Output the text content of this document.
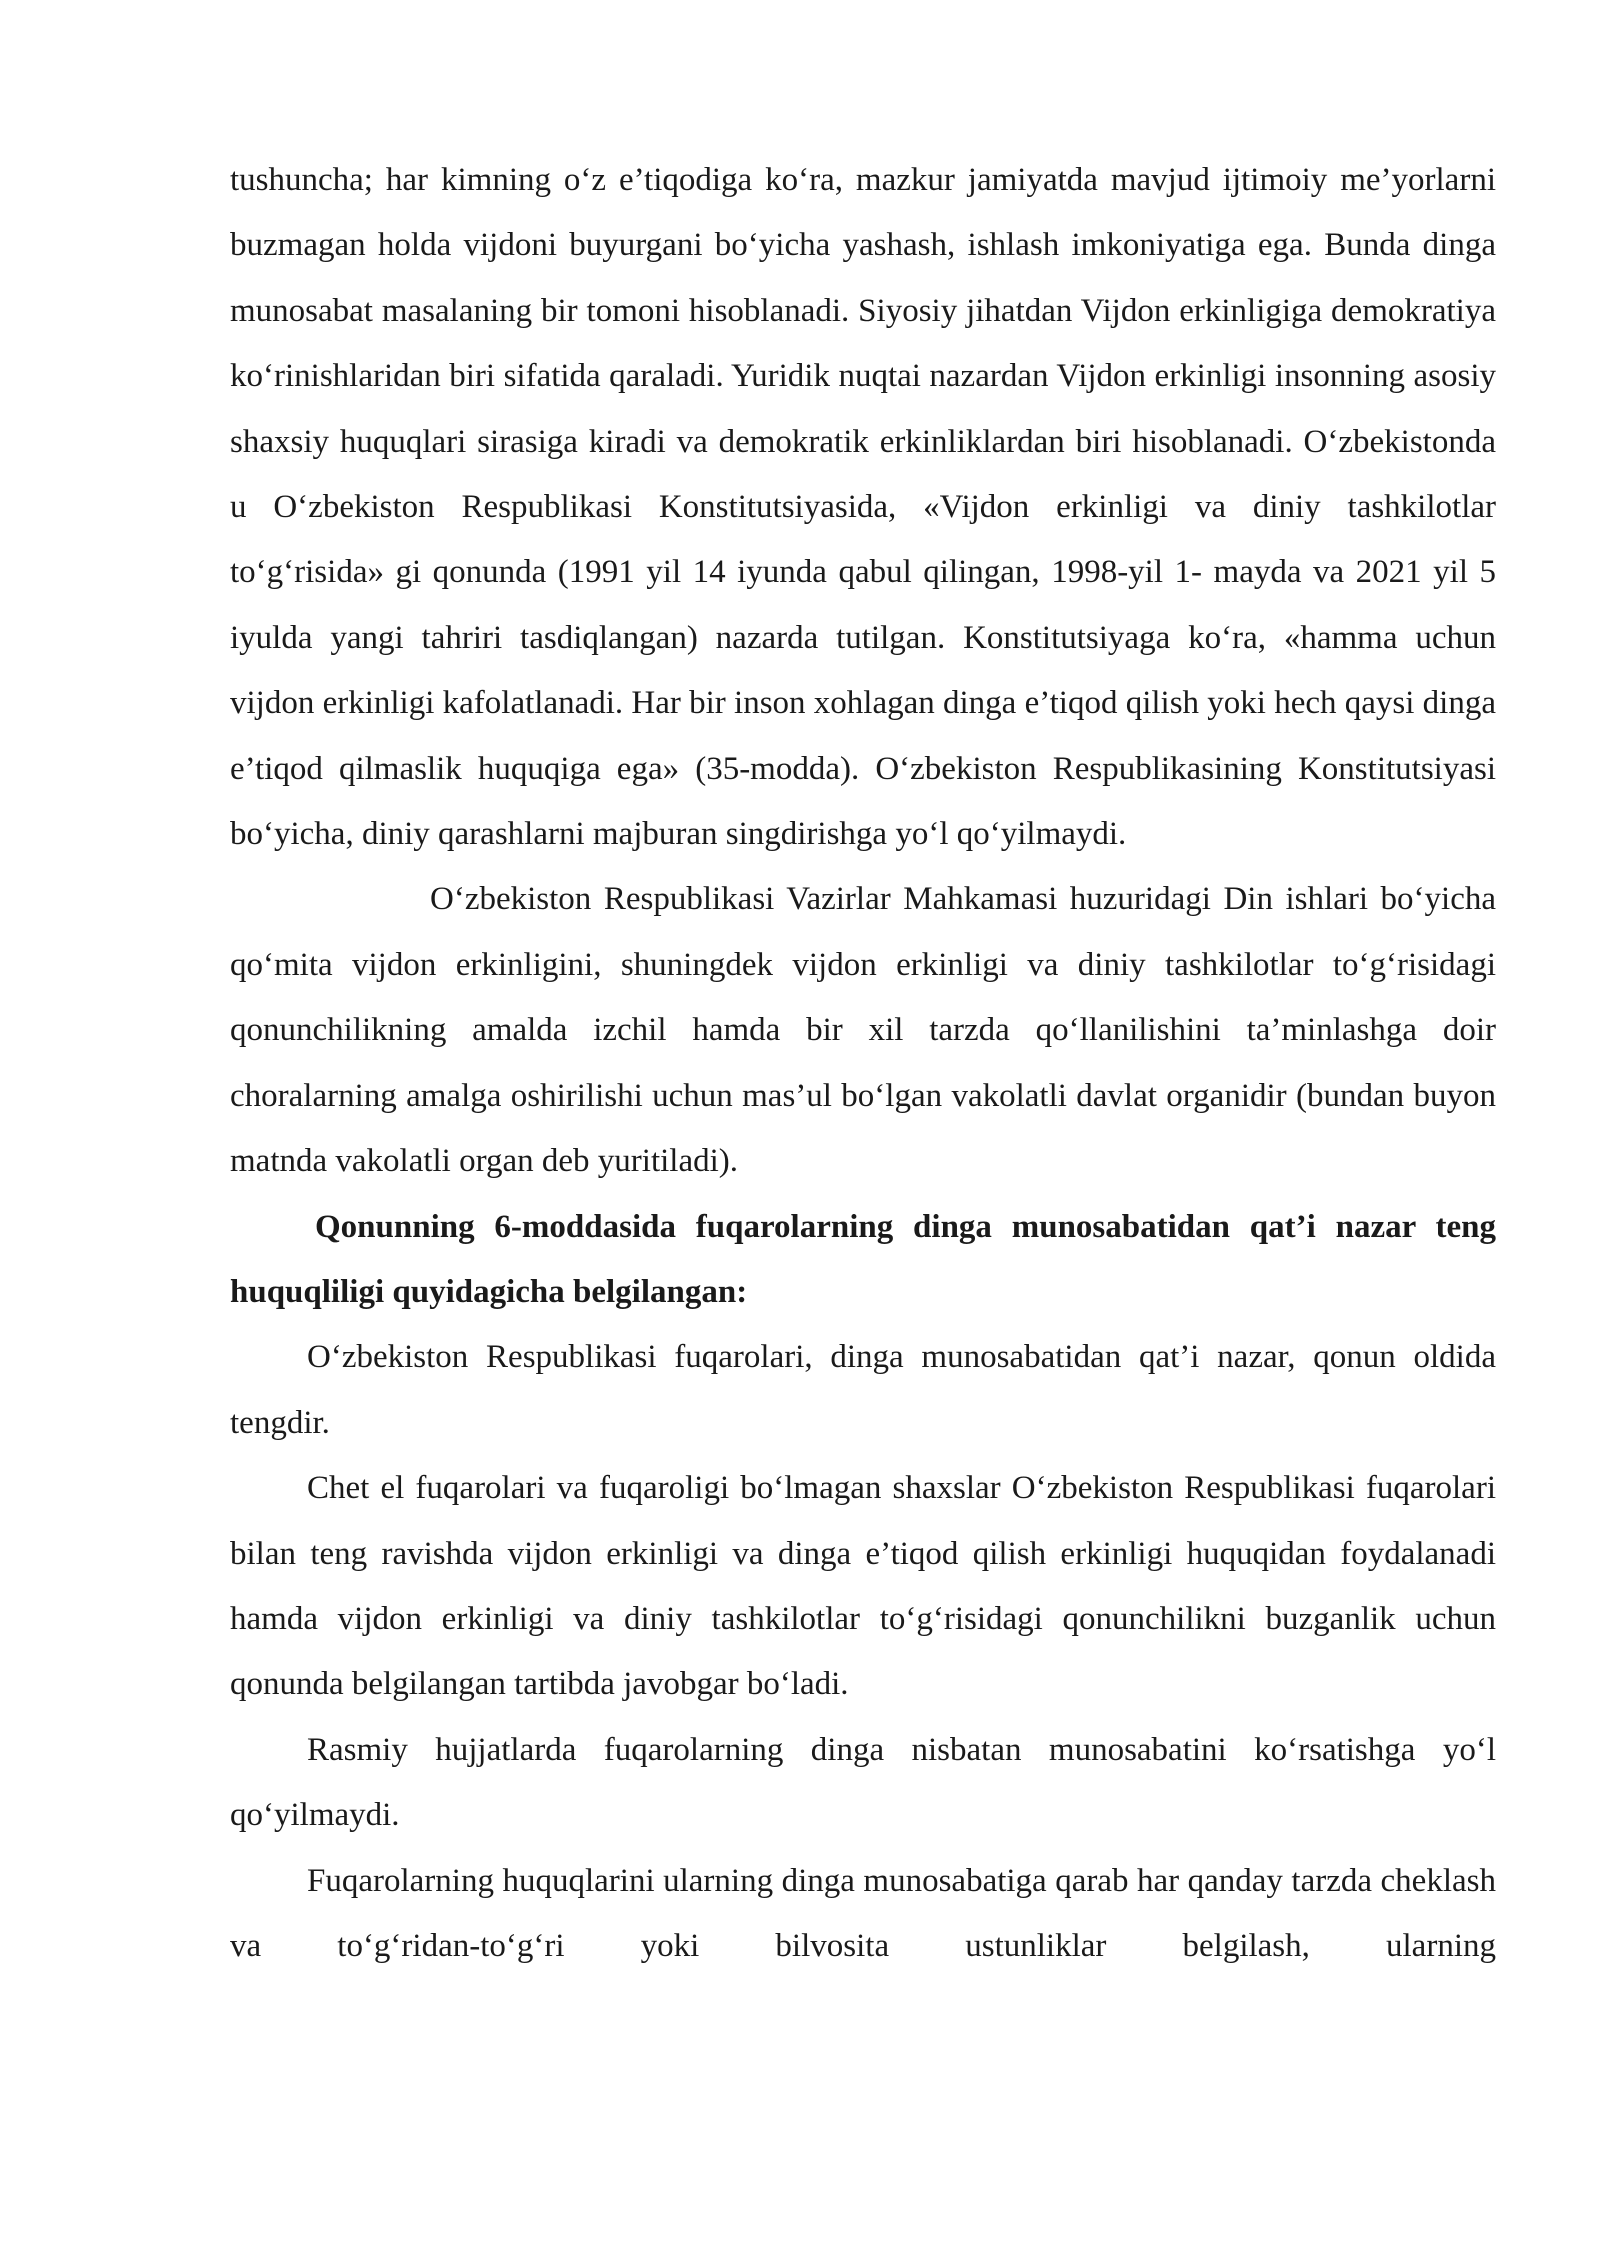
tushuncha; har kimning o‘z e’tiqodiga ko‘ra, mazkur jamiyatda mavjud ijtimoiy me’yorlarni buzmagan holda vijdoni buyurgani bo‘yicha yashash, ishlash imkoniyatiga ega. Bunda dinga munosabat masalaning bir tomoni hisoblanadi. Siyosiy jihatdan Vijdon erkinligiga demokratiya ko‘rinishlaridan biri sifatida qaraladi. Yuridik nuqtai nazardan Vijdon erkinligi insonning asosiy shaxsiy huquqlari sirasiga kiradi va demokratik erkinliklardan biri hisoblanadi. O‘zbekistonda u O‘zbekiston Respublikasi Konstitutsiyasida, «Vijdon erkinligi va diniy tashkilotlar to‘g‘risida» gi qonunda (1991 yil 14 iyunda qabul qilingan, 1998-yil 1- mayda va 2021 yil 5 iyulda yangi tahriri tasdiqlangan) nazarda tutilgan. Konstitutsiyaga ko‘ra, «hamma uchun vijdon erkinligi kafolatlanadi. Har bir inson xohlagan dinga e’tiqod qilish yoki hech qaysi dinga e’tiqod qilmaslik huquqiga ega» (35-modda). O‘zbekiston Respublikasining Konstitutsiyasi bo‘yicha, diniy qarashlarni majburan singdirishga yo‘l qo‘yilmaydi.

O‘zbekiston Respublikasi Vazirlar Mahkamasi huzuridagi Din ishlari bo‘yicha qo‘mita vijdon erkinligini, shuningdek vijdon erkinligi va diniy tashkilotlar to‘g‘risidagi qonunchilikning amalda izchil hamda bir xil tarzda qo‘llanilishini ta’minlashga doir choralarning amalga oshirilishi uchun mas’ul bo‘lgan vakolatli davlat organidir (bundan buyon matnda vakolatli organ deb yuritiladi).

Qonunning 6-moddasida fuqarolarning dinga munosabatidan qat’i nazar teng huquqliligi quyidagicha belgilangan:

O‘zbekiston Respublikasi fuqarolari, dinga munosabatidan qat’i nazar, qonun oldida tengdir.

Chet el fuqarolari va fuqaroligi bo‘lmagan shaxslar O‘zbekiston Respublikasi fuqarolari bilan teng ravishda vijdon erkinligi va dinga e’tiqod qilish erkinligi huquqidan foydalanadi hamda vijdon erkinligi va diniy tashkilotlar to‘g‘risidagi qonunchilikni buzganlik uchun qonunda belgilangan tartibda javobgar bo‘ladi.

Rasmiy hujjatlarda fuqarolarning dinga nisbatan munosabatini ko‘rsatishga yo‘l qo‘yilmaydi.

Fuqarolarning huquqlarini ularning dinga munosabatiga qarab har qanday tarzda cheklash va to‘g‘ridan-to‘g‘ri yoki bilvosita ustunliklar belgilash, ularning
